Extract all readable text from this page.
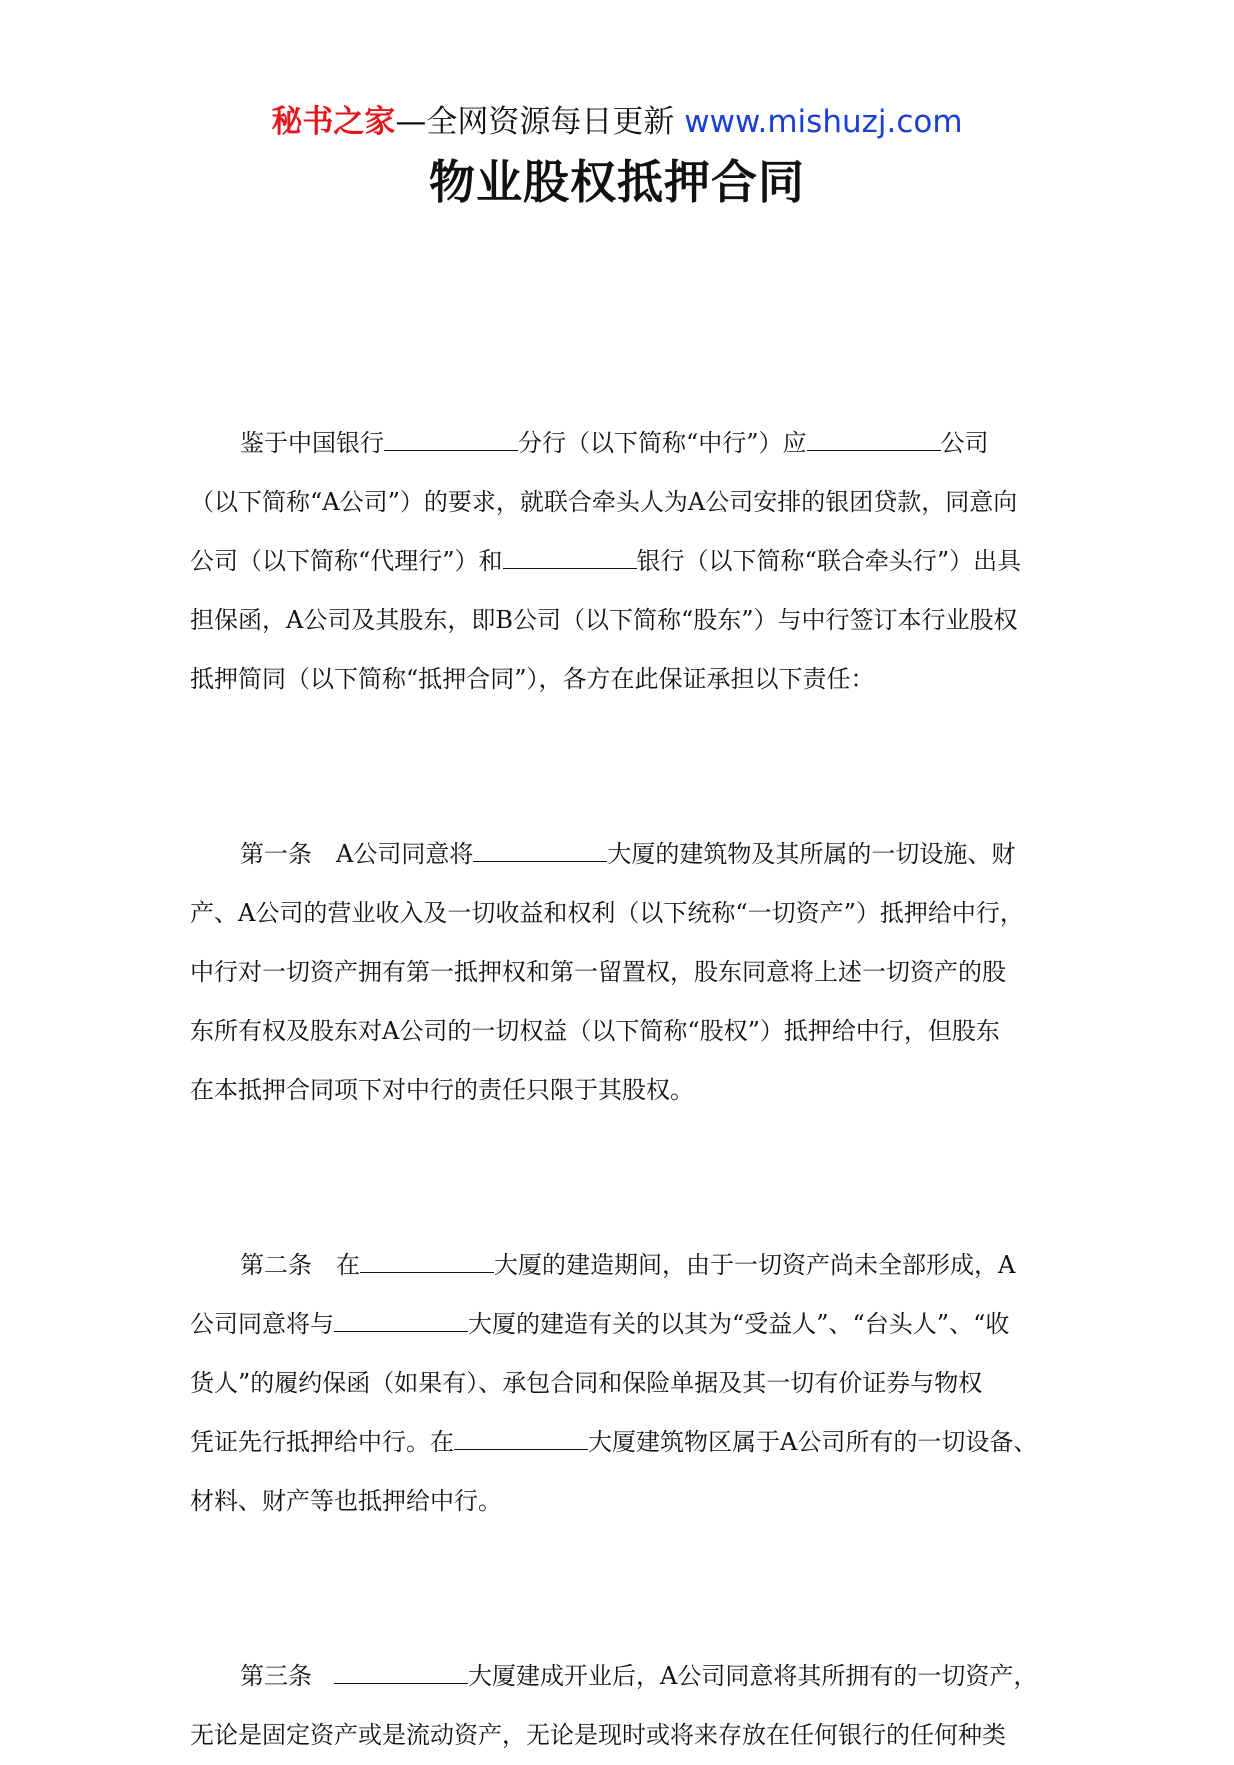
秘书之家—全网资源每日更新 www.mishuzj.com
物业股权抵押合同
鉴于中国银行	分行（以下简称“中行”）应	公司
（以下简称“A公司”）的要求，就联合牵头人为A公司安排的银团贷款，同意向
公司（以下简称“代理行”）和	银行（以下简称“联合牵头行”）出具
担保函，A公司及其股东，即B公司（以下简称“股东”）与中行签订本行业股权
抵押简同（以下简称“抵押合同”），各方在此保证承担以下责任：
第一条　A公司同意将	大厦的建筑物及其所属的一切设施、财
产、A公司的营业收入及一切收益和权利（以下统称“一切资产”）抵押给中行，
中行对一切资产拥有第一抵押权和第一留置权，股东同意将上述一切资产的股
东所有权及股东对A公司的一切权益（以下简称“股权”）抵押给中行，但股东
在本抵押合同项下对中行的责任只限于其股权。
第二条　在	大厦的建造期间，由于一切资产尚未全部形成，A
公司同意将与	大厦的建造有关的以其为“受益人”、“台头人”、“收
货人”的履约保函（如果有）、承包合同和保险单据及其一切有价证券与物权
凭证先行抵押给中行。在	大厦建筑物区属于A公司所有的一切设备、
材料、财产等也抵押给中行。
第三条	大厦建成开业后，A公司同意将其所拥有的一切资产，
无论是固定资产或是流动资产，无论是现时或将来存放在任何银行的任何种类
